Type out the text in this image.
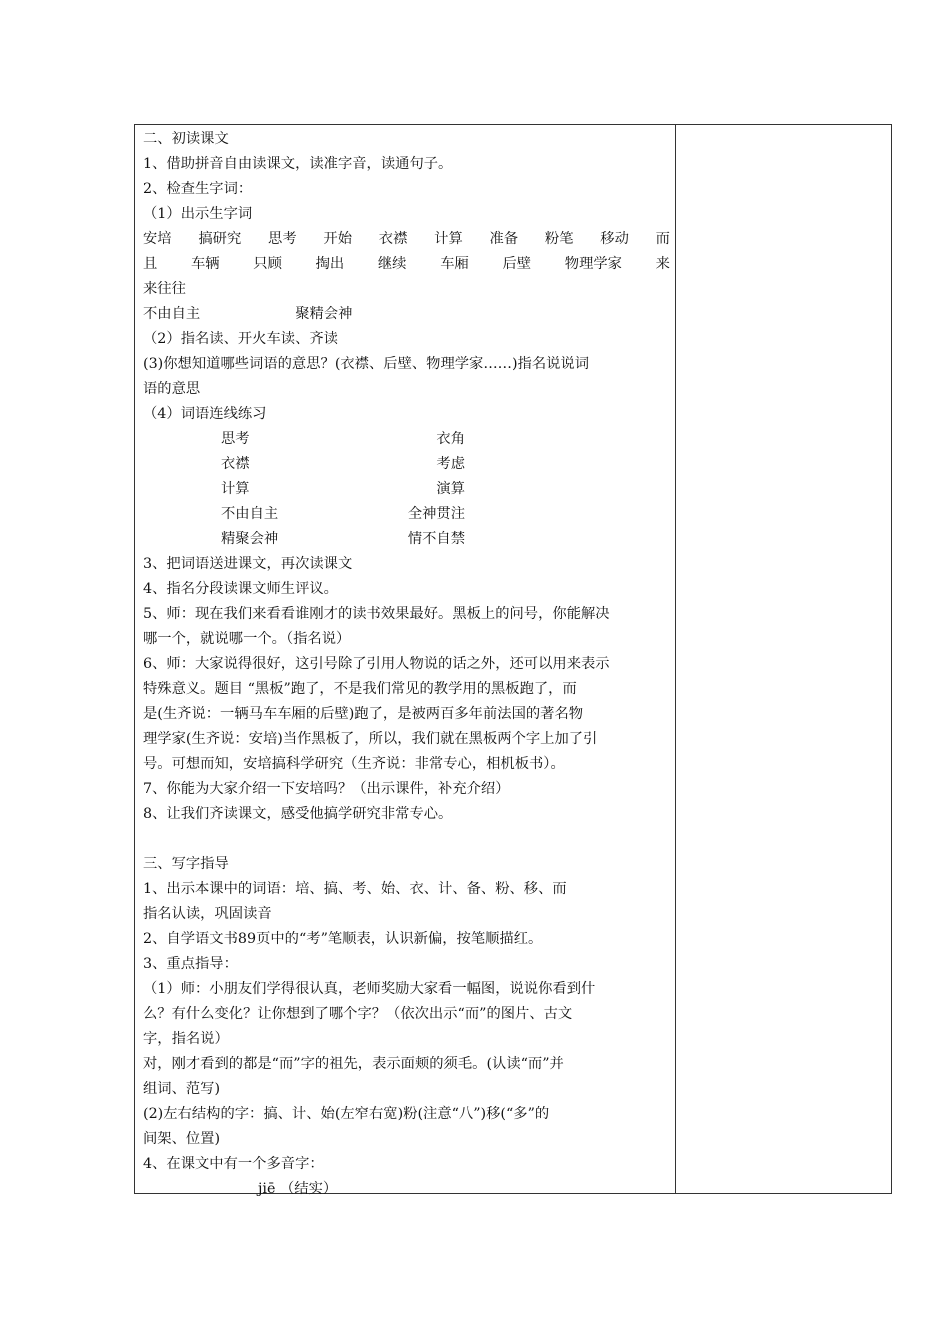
二、初读课文
1、借助拼音自由读课文，读准字音，读通句子。
2、检查生字词：
（1）出示生字词
安培 搞研究 思考 开始 衣襟 计算 准备 粉笔 移动 而
且 车辆 只顾 掏出 继续 车厢 后壁 物理学家 来
来往往
不由自主	聚精会神
（2）指名读、开火车读、齐读
(3)你想知道哪些词语的意思？(衣襟、后壁、物理学家……)指名说说词
语的意思
（4）词语连线练习
思考	衣角
衣襟	考虑
计算	演算
不由自主	全神贯注
精聚会神	情不自禁
3、把词语送进课文，再次读课文
4、指名分段读课文师生评议。
5、师：现在我们来看看谁刚才的读书效果最好。黑板上的问号，你能解决
哪一个，就说哪一个。（指名说）
6、师：大家说得很好，这引号除了引用人物说的话之外，还可以用来表示
特殊意义。题目 “黑板”跑了，不是我们常见的教学用的黑板跑了，而
是(生齐说：一辆马车车厢的后壁)跑了，是被两百多年前法国的著名物
理学家(生齐说：安培)当作黑板了，所以，我们就在黑板两个字上加了引
号。可想而知，安培搞科学研究（生齐说：非常专心，相机板书）。
7、你能为大家介绍一下安培吗？（出示课件，补充介绍）
8、让我们齐读课文，感受他搞学研究非常专心。
三、写字指导
1、出示本课中的词语：培、搞、考、始、衣、计、备、粉、移、而
指名认读，巩固读音
2、自学语文书89页中的“考”笔顺表，认识新偏，按笔顺描红。
3、重点指导：
（1）师：小朋友们学得很认真，老师奖励大家看一幅图，说说你看到什
么？有什么变化？让你想到了哪个字？（依次出示“而”的图片、古文
字，指名说）
对，刚才看到的都是“而”字的祖先，表示面颊的须毛。(认读“而”并
组词、范写)
(2)左右结构的字：搞、计、始(左窄右宽)粉(注意“八”)移(“多”的
间架、位置)
4、在课文中有一个多音字：
jiē （结实）
